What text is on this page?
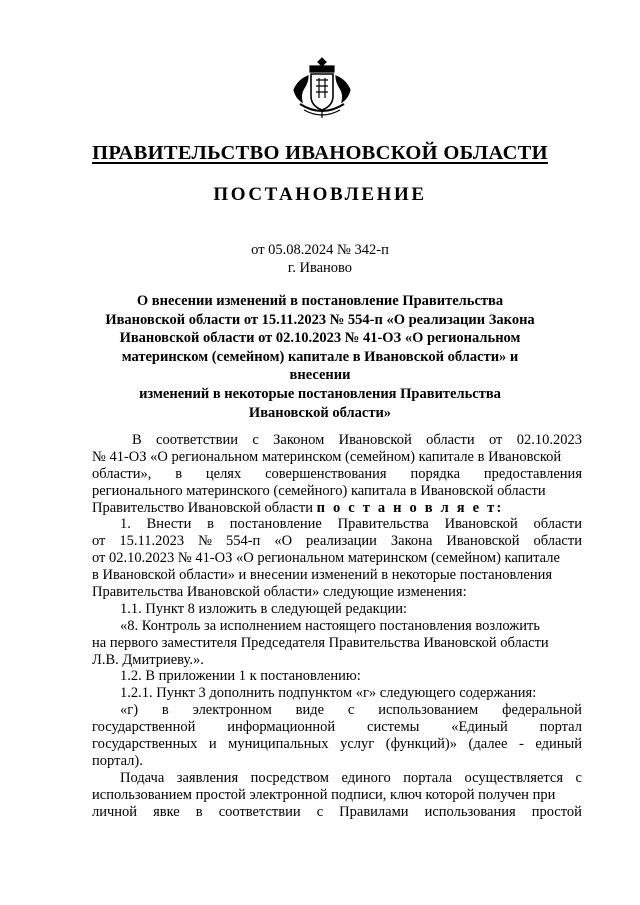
ПРАВИТЕЛЬСТВО ИВАНОВСКОЙ ОБЛАСТИ
ПОСТАНОВЛЕНИЕ
от 05.08.2024 № 342-п
г. Иваново
О внесении изменений в постановление Правительства
Ивановской области от 15.11.2023 № 554-п «О реализации Закона
Ивановской области от 02.10.2023 № 41-ОЗ «О региональном
материнском (семейном) капитале в Ивановской области» и внесении
изменений в некоторые постановления Правительства
Ивановской области»
В соответствии с Законом Ивановской области от 02.10.2023
№ 41-ОЗ «О региональном материнском (семейном) капитале в Ивановской
области», в целях совершенствования порядка предоставления
регионального материнского (семейного) капитала в Ивановской области
Правительство Ивановской области п о с т а н о в л я е т:
1. Внести в постановление Правительства Ивановской области
от 15.11.2023 № 554-п «О реализации Закона Ивановской области
от 02.10.2023 № 41-ОЗ «О региональном материнском (семейном) капитале
в Ивановской области» и внесении изменений в некоторые постановления
Правительства Ивановской области» следующие изменения:
1.1. Пункт 8 изложить в следующей редакции:
«8. Контроль за исполнением настоящего постановления возложить
на первого заместителя Председателя Правительства Ивановской области
Л.В. Дмитриеву.».
1.2. В приложении 1 к постановлению:
1.2.1. Пункт 3 дополнить подпунктом «г» следующего содержания:
«г) в электронном виде с использованием федеральной
государственной информационной системы «Единый портал
государственных и муниципальных услуг (функций)» (далее - единый
портал).
Подача заявления посредством единого портала осуществляется с
использованием простой электронной подписи, ключ которой получен при
личной явке в соответствии с Правилами использования простой
